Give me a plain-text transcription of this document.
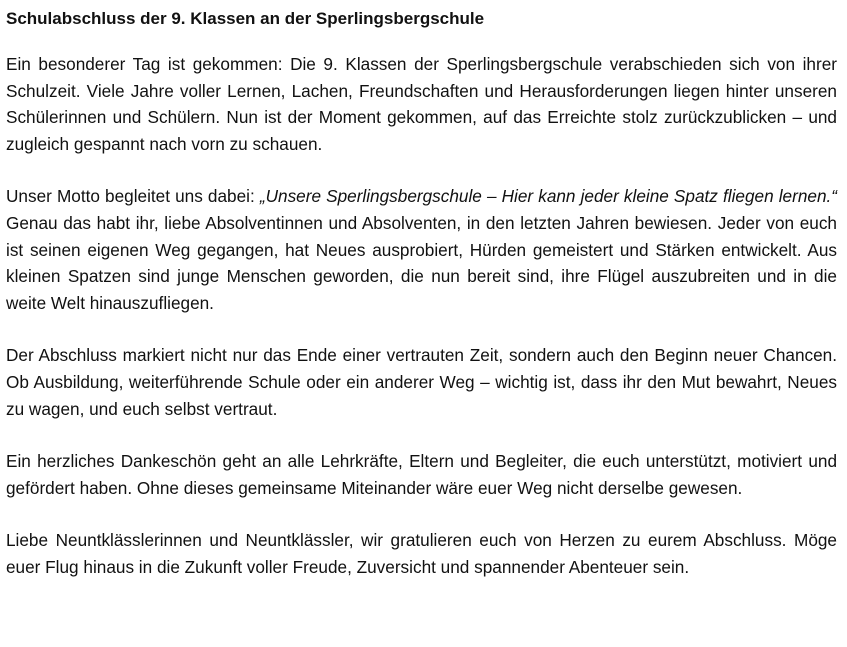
Schulabschluss der 9. Klassen an der Sperlingsbergschule

Ein besonderer Tag ist gekommen: Die 9. Klassen der Sperlingsbergschule verabschieden sich von ihrer Schulzeit. Viele Jahre voller Lernen, Lachen, Freundschaften und Herausforderungen liegen hinter unseren Schülerinnen und Schülern. Nun ist der Moment gekommen, auf das Erreichte stolz zurückzublicken – und zugleich gespannt nach vorn zu schauen.

Unser Motto begleitet uns dabei: „Unsere Sperlingsbergschule – Hier kann jeder kleine Spatz fliegen lernen.“ Genau das habt ihr, liebe Absolventinnen und Absolventen, in den letzten Jahren bewiesen. Jeder von euch ist seinen eigenen Weg gegangen, hat Neues ausprobiert, Hürden gemeistert und Stärken entwickelt. Aus kleinen Spatzen sind junge Menschen geworden, die nun bereit sind, ihre Flügel auszubreiten und in die weite Welt hinauszufliegen.

Der Abschluss markiert nicht nur das Ende einer vertrauten Zeit, sondern auch den Beginn neuer Chancen. Ob Ausbildung, weiterführende Schule oder ein anderer Weg – wichtig ist, dass ihr den Mut bewahrt, Neues zu wagen, und euch selbst vertraut.

Ein herzliches Dankeschön geht an alle Lehrkräfte, Eltern und Begleiter, die euch unterstützt, motiviert und gefördert haben. Ohne dieses gemeinsame Miteinander wäre euer Weg nicht derselbe gewesen.

Liebe Neuntklässlerinnen und Neuntklässler, wir gratulieren euch von Herzen zu eurem Abschluss. Möge euer Flug hinaus in die Zukunft voller Freude, Zuversicht und spannender Abenteuer sein.
